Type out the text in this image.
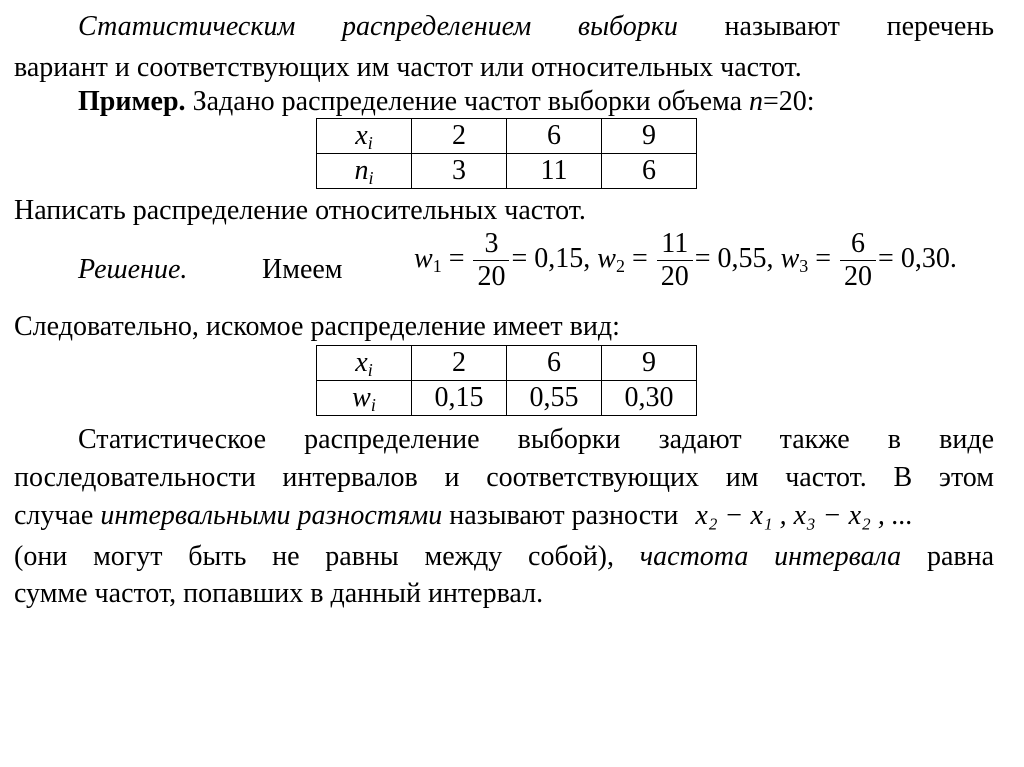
Статистическим распределением выборки называют перечень
вариант и соответствующих им частот или относительных частот.
Пример. Задано распределение частот выборки объема n=20:
$x_i$	2	6	9
$n_i$	3	11	6
Написать распределение относительных частот.
Решение.	Имеем	$w_1 = \frac{3}{20} = 0,15$, $w_2 = \frac{11}{20} = 0,55$, $w_3 = \frac{6}{20} = 0,30$.
Следовательно, искомое распределение имеет вид:
$x_i$	2	6	9
$w_i$	0,15	0,55	0,30
Статистическое распределение выборки задают также в виде
последовательности интервалов и соответствующих им частот. В этом
случае интервальными разностями называют разности x₂ − x₁ , x₃ − x₂ , ...
(они могут быть не равны между собой), частота интервала равна
сумме частот, попавших в данный интервал.
